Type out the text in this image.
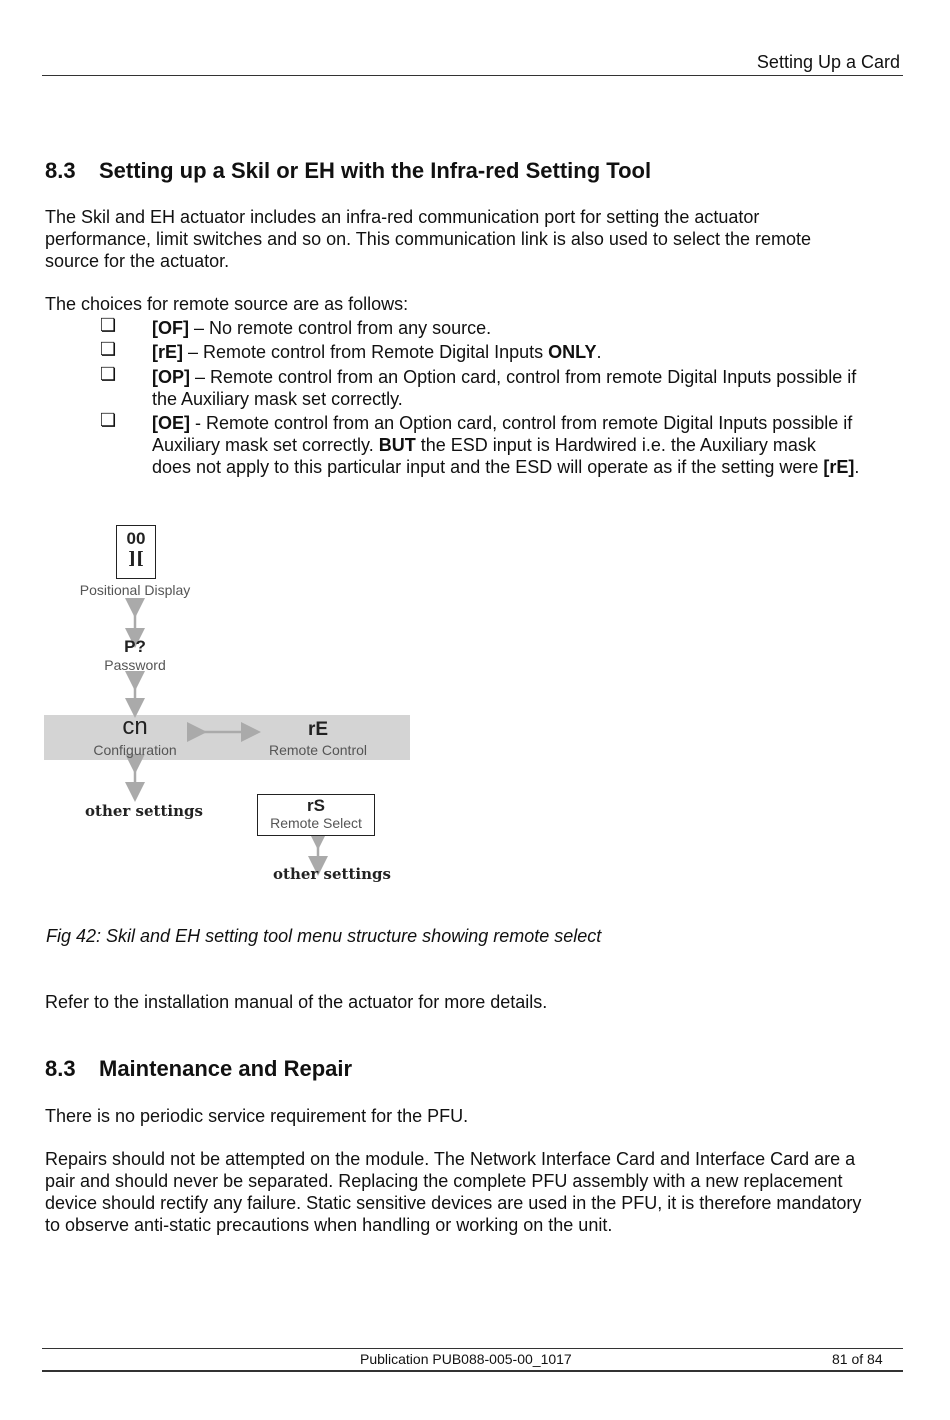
Setting Up a Card
8.3 Setting up a Skil or EH with the Infra-red Setting Tool
The Skil and EH actuator includes an infra-red communication port for setting the actuator
performance, limit switches and so on. This communication link is also used to select the remote
source for the actuator.
The choices for remote source are as follows:
❏ [OF] – No remote control from any source.
❏ [rE] – Remote control from Remote Digital Inputs ONLY.
❏ [OP] – Remote control from an Option card, control from remote Digital Inputs possible if
the Auxiliary mask set correctly.
❏ [OE] - Remote control from an Option card, control from remote Digital Inputs possible if
Auxiliary mask set correctly. BUT the ESD input is Hardwired i.e. the Auxiliary mask
does not apply to this particular input and the ESD will operate as if the setting were [rE].
00
][
Positional Display
P?
Password
cn
Configuration
rE
Remote Control
other settings	rS
Remote Select
other settings
Fig 42: Skil and EH setting tool menu structure showing remote select
Refer to the installation manual of the actuator for more details.
8.3 Maintenance and Repair
There is no periodic service requirement for the PFU.
Repairs should not be attempted on the module. The Network Interface Card and Interface Card are a
pair and should never be separated. Replacing the complete PFU assembly with a new replacement
device should rectify any failure. Static sensitive devices are used in the PFU, it is therefore mandatory
to observe anti-static precautions when handling or working on the unit.
Publication PUB088-005-00_1017	81 of 84
